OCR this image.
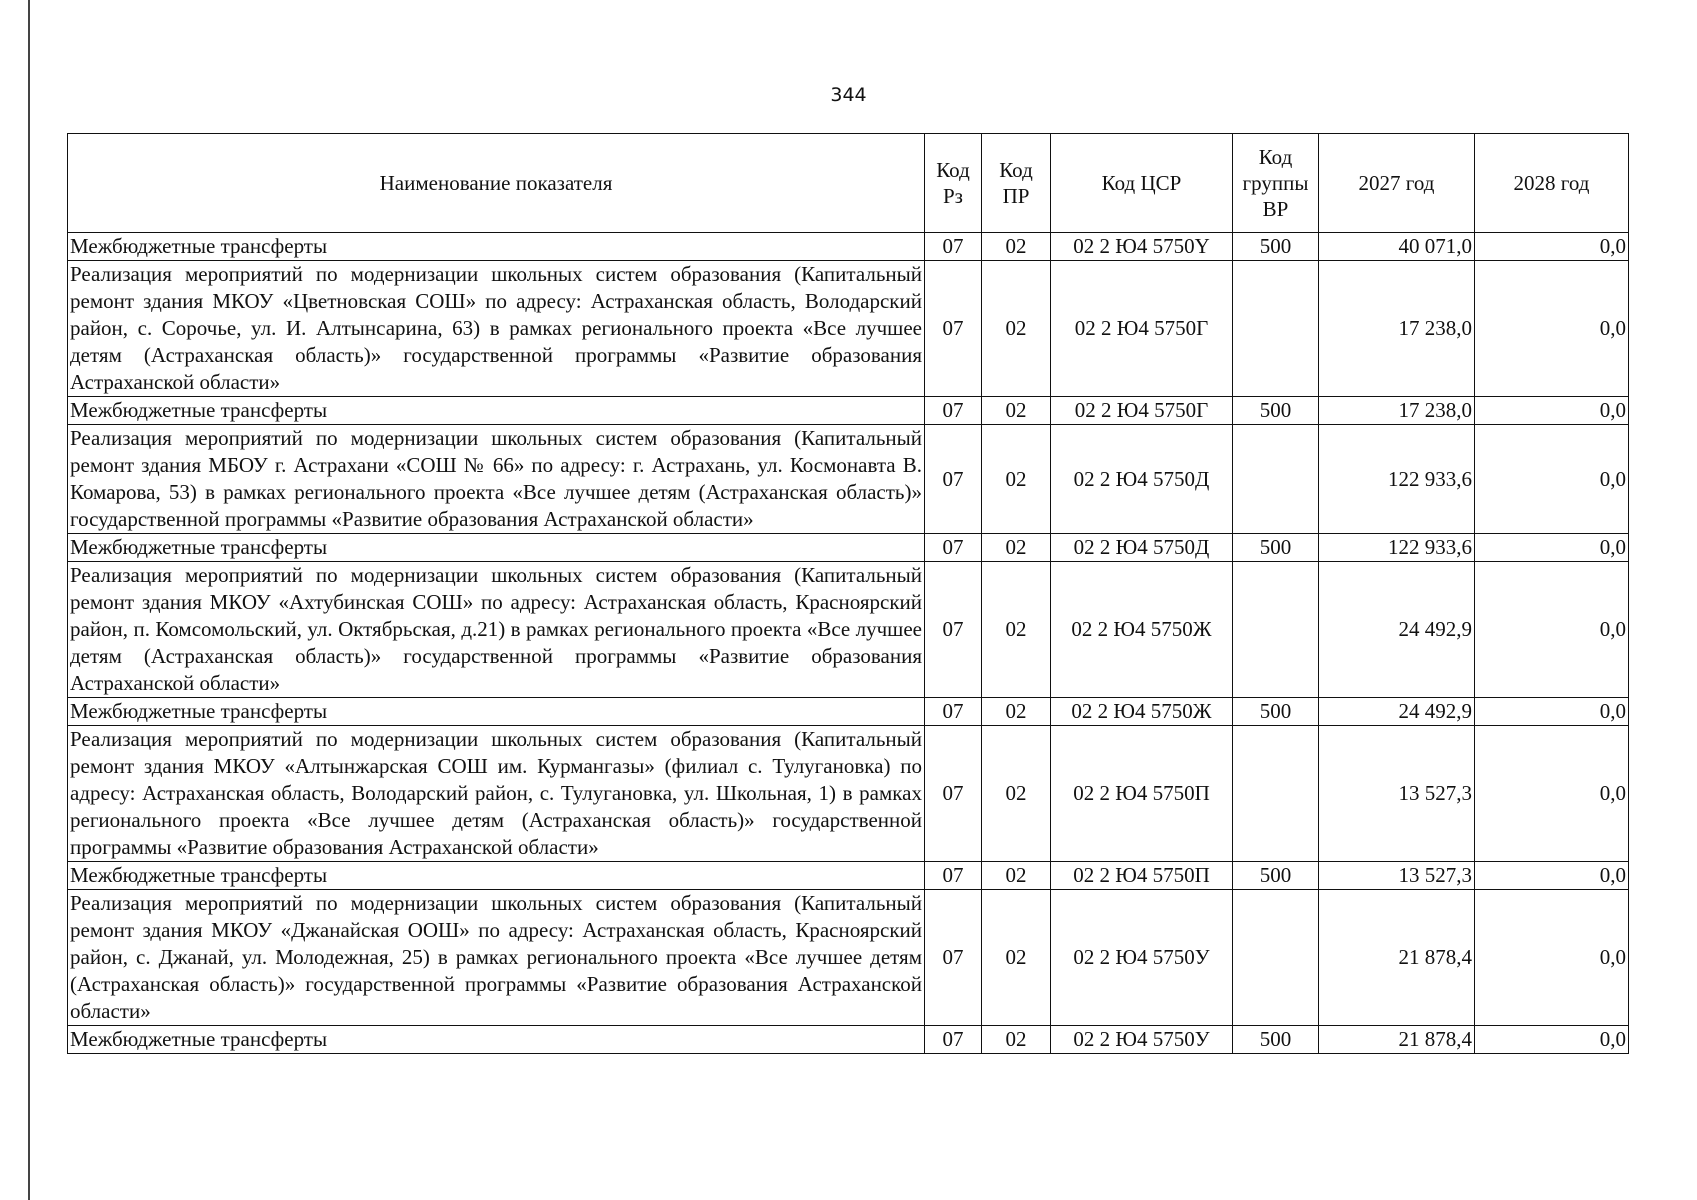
344
Наименование показателя	Код Рз	Код ПР	Код ЦСР	Код группы ВР	2027 год	2028 год
Межбюджетные трансферты	07	02	02 2 Ю4 5750Y	500	40 071,0	0,0
Реализация мероприятий по модернизации школьных систем образования (Капитальный ремонт здания МКОУ «Цветновская СОШ» по адресу: Астраханская область, Володарский район, с. Сорочье, ул. И. Алтынсарина, 63) в рамках регионального проекта «Все лучшее детям (Астраханская область)» государственной программы «Развитие образования Астраханской области»	07	02	02 2 Ю4 5750Г		17 238,0	0,0
Межбюджетные трансферты	07	02	02 2 Ю4 5750Г	500	17 238,0	0,0
Реализация мероприятий по модернизации школьных систем образования (Капитальный ремонт здания МБОУ г. Астрахани «СОШ № 66» по адресу: г. Астрахань, ул. Космонавта В. Комарова, 53) в рамках регионального проекта «Все лучшее детям (Астраханская область)» государственной программы «Развитие образования Астраханской области»	07	02	02 2 Ю4 5750Д		122 933,6	0,0
Межбюджетные трансферты	07	02	02 2 Ю4 5750Д	500	122 933,6	0,0
Реализация мероприятий по модернизации школьных систем образования (Капитальный ремонт здания МКОУ «Ахтубинская СОШ» по адресу: Астраханская область, Красноярский район, п. Комсомольский, ул. Октябрьская, д.21) в рамках регионального проекта «Все лучшее детям (Астраханская область)» государственной программы «Развитие образования Астраханской области»	07	02	02 2 Ю4 5750Ж		24 492,9	0,0
Межбюджетные трансферты	07	02	02 2 Ю4 5750Ж	500	24 492,9	0,0
Реализация мероприятий по модернизации школьных систем образования (Капитальный ремонт здания МКОУ «Алтынжарская СОШ им. Курмангазы» (филиал с. Тулугановка) по адресу: Астраханская область, Володарский район, с. Тулугановка, ул. Школьная, 1) в рамках регионального проекта «Все лучшее детям (Астраханская область)» государственной программы «Развитие образования Астраханской области»	07	02	02 2 Ю4 5750П		13 527,3	0,0
Межбюджетные трансферты	07	02	02 2 Ю4 5750П	500	13 527,3	0,0
Реализация мероприятий по модернизации школьных систем образования (Капитальный ремонт здания МКОУ «Джанайская ООШ» по адресу: Астраханская область, Красноярский район, с. Джанай, ул. Молодежная, 25) в рамках регионального проекта «Все лучшее детям (Астраханская область)» государственной программы «Развитие образования Астраханской области»	07	02	02 2 Ю4 5750У		21 878,4	0,0
Межбюджетные трансферты	07	02	02 2 Ю4 5750У	500	21 878,4	0,0
